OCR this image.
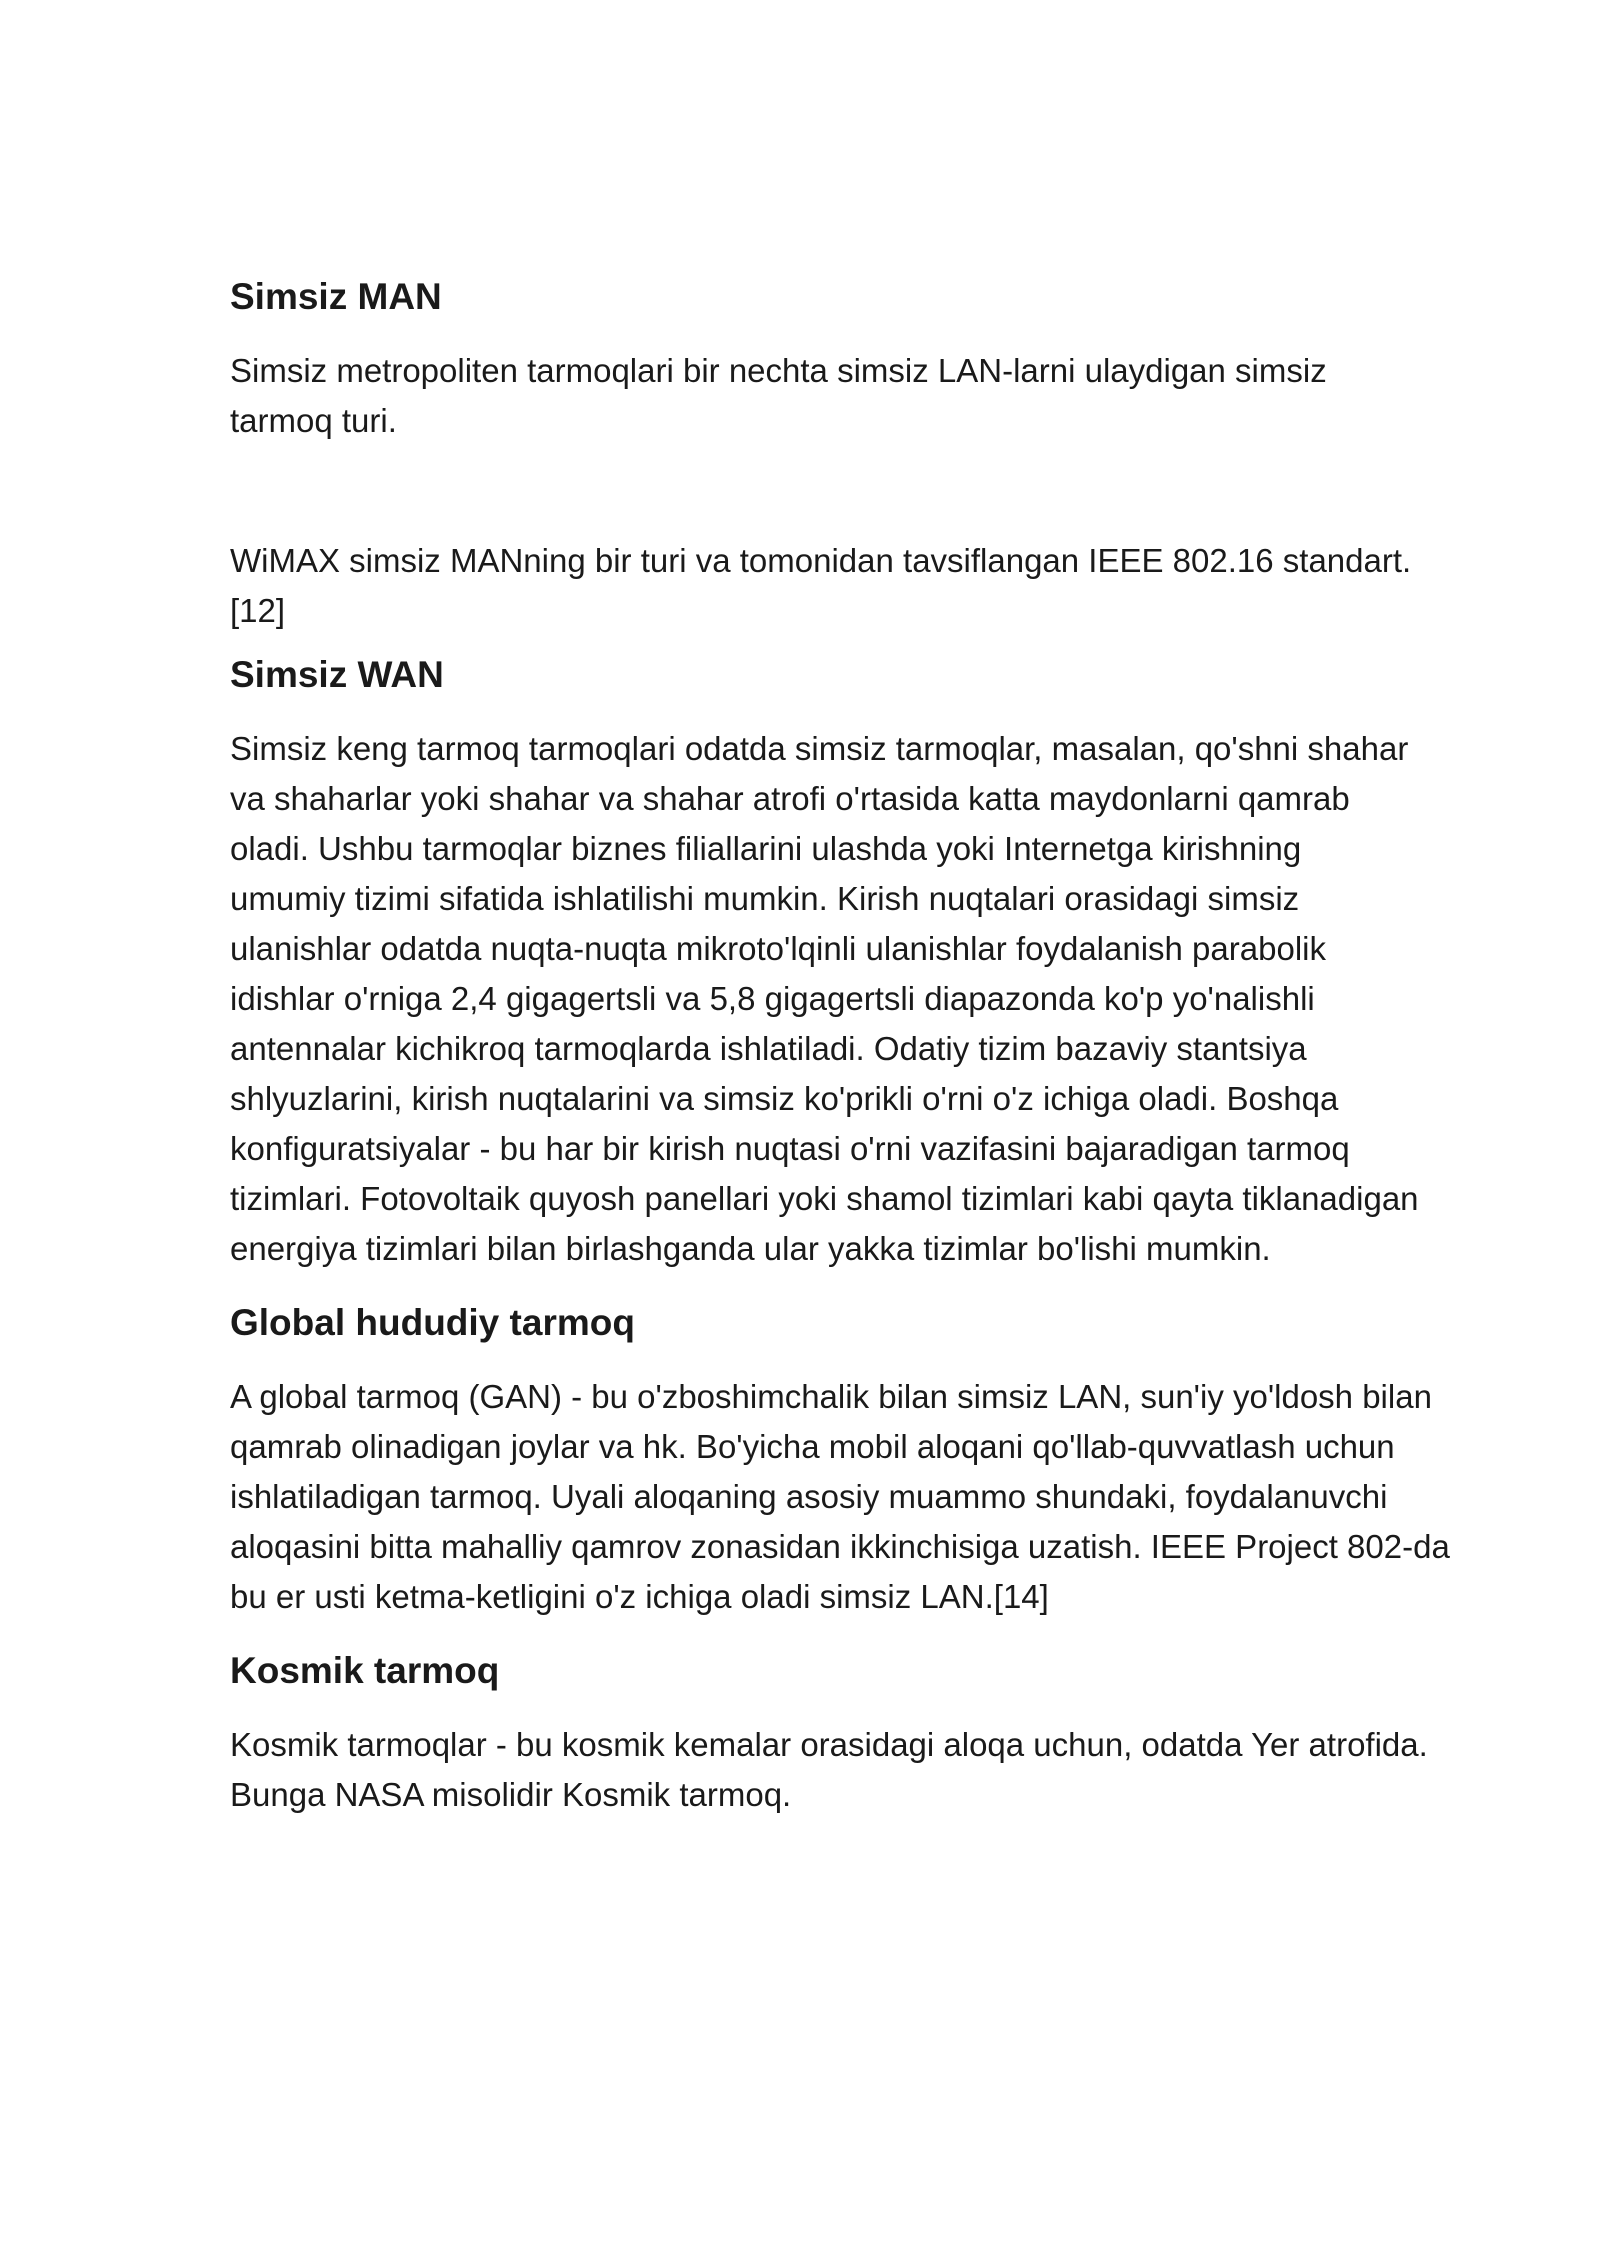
Simsiz MAN

Simsiz metropoliten tarmoqlari bir nechta simsiz LAN-larni ulaydigan simsiz
tarmoq turi.

WiMAX simsiz MANning bir turi va tomonidan tavsiflangan IEEE 802.16 standart.
[12]

Simsiz WAN

Simsiz keng tarmoq tarmoqlari odatda simsiz tarmoqlar, masalan, qo'shni shahar
va shaharlar yoki shahar va shahar atrofi o'rtasida katta maydonlarni qamrab
oladi. Ushbu tarmoqlar biznes filiallarini ulashda yoki Internetga kirishning
umumiy tizimi sifatida ishlatilishi mumkin. Kirish nuqtalari orasidagi simsiz
ulanishlar odatda nuqta-nuqta mikroto'lqinli ulanishlar foydalanish parabolik
idishlar o'rniga 2,4 gigagertsli va 5,8 gigagertsli diapazonda ko'p yo'nalishli
antennalar kichikroq tarmoqlarda ishlatiladi. Odatiy tizim bazaviy stantsiya
shlyuzlarini, kirish nuqtalarini va simsiz ko'prikli o'rni o'z ichiga oladi. Boshqa
konfiguratsiyalar - bu har bir kirish nuqtasi o'rni vazifasini bajaradigan tarmoq
tizimlari. Fotovoltaik quyosh panellari yoki shamol tizimlari kabi qayta tiklanadigan
energiya tizimlari bilan birlashganda ular yakka tizimlar bo'lishi mumkin.

Global hududiy tarmoq

A global tarmoq (GAN) - bu o'zboshimchalik bilan simsiz LAN, sun'iy yo'ldosh bilan
qamrab olinadigan joylar va hk. Bo'yicha mobil aloqani qo'llab-quvvatlash uchun
ishlatiladigan tarmoq. Uyali aloqaning asosiy muammo shundaki, foydalanuvchi
aloqasini bitta mahalliy qamrov zonasidan ikkinchisiga uzatish. IEEE Project 802-da
bu er usti ketma-ketligini o'z ichiga oladi simsiz LAN.[14]

Kosmik tarmoq

Kosmik tarmoqlar - bu kosmik kemalar orasidagi aloqa uchun, odatda Yer atrofida.
Bunga NASA misolidir Kosmik tarmoq.
